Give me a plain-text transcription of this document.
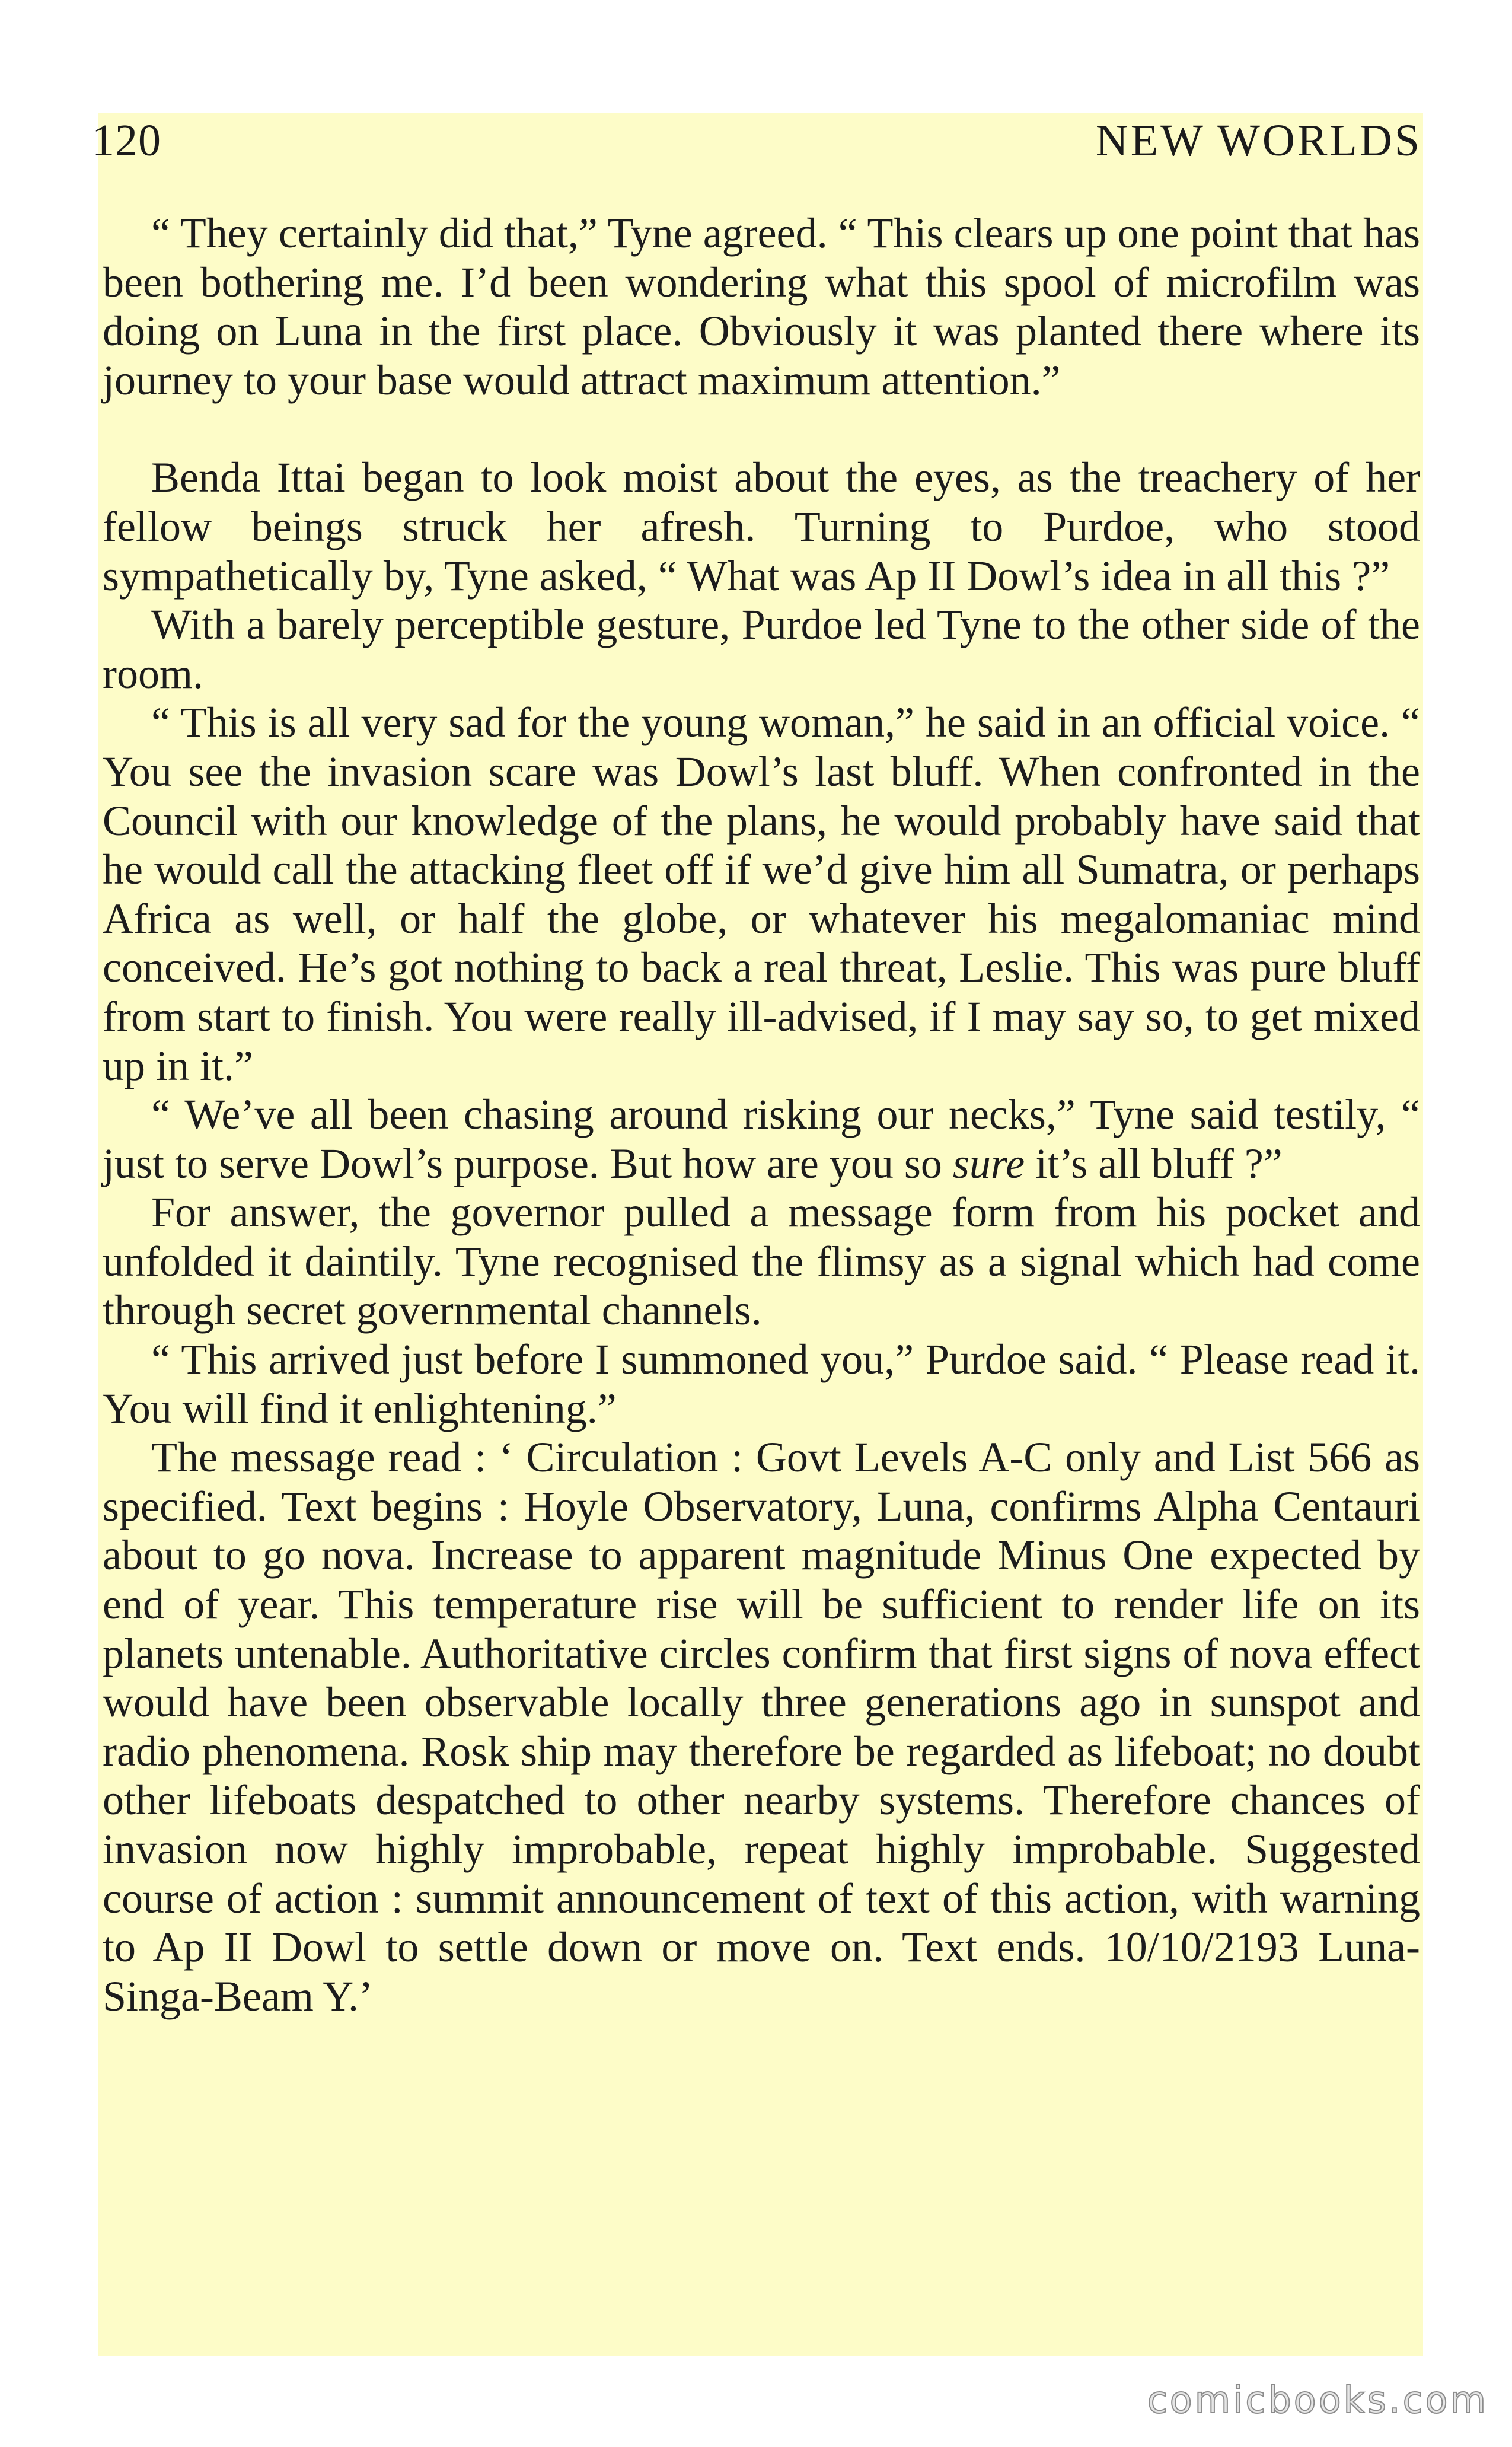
120	NEW WORLDS

“ They certainly did that,” Tyne agreed. “ This clears up one point that has been bothering me. I’d been wondering what this spool of microfilm was doing on Luna in the first place. Obviously it was planted there where its journey to your base would attract maximum attention.”

Benda Ittai began to look moist about the eyes, as the treachery of her fellow beings struck her afresh. Turning to Purdoe, who stood sympathetically by, Tyne asked, “ What was Ap II Dowl’s idea in all this ?”

With a barely perceptible gesture, Purdoe led Tyne to the other side of the room.

“ This is all very sad for the young woman,” he said in an official voice. “ You see the invasion scare was Dowl’s last bluff. When confronted in the Council with our knowledge of the plans, he would probably have said that he would call the attacking fleet off if we’d give him all Sumatra, or perhaps Africa as well, or half the globe, or whatever his megalomaniac mind conceived. He’s got nothing to back a real threat, Leslie. This was pure bluff from start to finish. You were really ill-advised, if I may say so, to get mixed up in it.”

“ We’ve all been chasing around risking our necks,” Tyne said testily, “ just to serve Dowl’s purpose. But how are you so sure it’s all bluff ?”

For answer, the governor pulled a message form from his pocket and unfolded it daintily. Tyne recognised the flimsy as a signal which had come through secret governmental channels.

“ This arrived just before I summoned you,” Purdoe said. “ Please read it. You will find it enlightening.”

The message read : ‘ Circulation : Govt Levels A-C only and List 566 as specified. Text begins : Hoyle Observatory, Luna, confirms Alpha Centauri about to go nova. Increase to apparent magnitude Minus One expected by end of year. This temperature rise will be sufficient to render life on its planets untenable. Authoritative circles confirm that first signs of nova effect would have been observable locally three generations ago in sunspot and radio phenomena. Rosk ship may therefore be regarded as lifeboat; no doubt other lifeboats despatched to other nearby systems. Therefore chances of invasion now highly improbable, repeat highly improbable. Suggested course of action : summit announcement of text of this action, with warning to Ap II Dowl to settle down or move on. Text ends. 10/10/2193 Luna-Singa-Beam Y.’

comicbooks.com
